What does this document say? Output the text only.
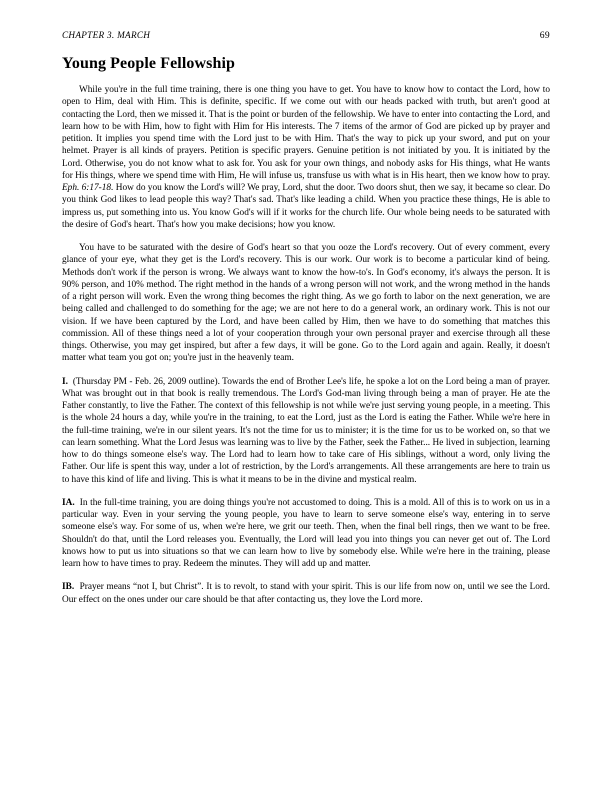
CHAPTER 3. MARCH	69
Young People Fellowship

While you're in the full time training, there is one thing you have to get. You have to know how to contact the Lord, how to open to Him, deal with Him. This is definite, specific. If we come out with our heads packed with truth, but aren't good at contacting the Lord, then we missed it. That is the point or burden of the fellowship. We have to enter into contacting the Lord, and learn how to be with Him, how to fight with Him for His interests. The 7 items of the armor of God are picked up by prayer and petition. It implies you spend time with the Lord just to be with Him. That's the way to pick up your sword, and put on your helmet. Prayer is all kinds of prayers. Petition is specific prayers. Genuine petition is not initiated by you. It is initiated by the Lord. Otherwise, you do not know what to ask for. You ask for your own things, and nobody asks for His things, what He wants for His things, where we spend time with Him, He will infuse us, transfuse us with what is in His heart, then we know how to pray. Eph. 6:17-18. How do you know the Lord's will? We pray, Lord, shut the door. Two doors shut, then we say, it became so clear. Do you think God likes to lead people this way? That's sad. That's like leading a child. When you practice these things, He is able to impress us, put something into us. You know God's will if it works for the church life. Our whole being needs to be saturated with the desire of God's heart. That's how you make decisions; how you know.

You have to be saturated with the desire of God's heart so that you ooze the Lord's recovery. Out of every comment, every glance of your eye, what they get is the Lord's recovery. This is our work. Our work is to become a particular kind of being. Methods don't work if the person is wrong. We always want to know the how-to's. In God's economy, it's always the person. It is 90% person, and 10% method. The right method in the hands of a wrong person will not work, and the wrong method in the hands of a right person will work. Even the wrong thing becomes the right thing. As we go forth to labor on the next generation, we are being called and challenged to do something for the age; we are not here to do a general work, an ordinary work. This is not our vision. If we have been captured by the Lord, and have been called by Him, then we have to do something that matches this commission. All of these things need a lot of your cooperation through your own personal prayer and exercise through all these things. Otherwise, you may get inspired, but after a few days, it will be gone. Go to the Lord again and again. Really, it doesn't matter what team you got on; you're just in the heavenly team.

I. (Thursday PM - Feb. 26, 2009 outline). Towards the end of Brother Lee's life, he spoke a lot on the Lord being a man of prayer. What was brought out in that book is really tremendous. The Lord's God-man living through being a man of prayer. He ate the Father constantly, to live the Father. The context of this fellowship is not while we're just serving young people, in a meeting. This is the whole 24 hours a day, while you're in the training, to eat the Lord, just as the Lord is eating the Father. While we're here in the full-time training, we're in our silent years. It's not the time for us to minister; it is the time for us to be worked on, so that we can learn something. What the Lord Jesus was learning was to live by the Father, seek the Father... He lived in subjection, learning how to do things someone else's way. The Lord had to learn how to take care of His siblings, without a word, only living the Father. Our life is spent this way, under a lot of restriction, by the Lord's arrangements. All these arrangements are here to train us to have this kind of life and living. This is what it means to be in the divine and mystical realm.

IA. In the full-time training, you are doing things you're not accustomed to doing. This is a mold. All of this is to work on us in a particular way. Even in your serving the young people, you have to learn to serve someone else's way, entering in to serve someone else's way. For some of us, when we're here, we grit our teeth. Then, when the final bell rings, then we want to be free. Shouldn't do that, until the Lord releases you. Eventually, the Lord will lead you into things you can never get out of. The Lord knows how to put us into situations so that we can learn how to live by somebody else. While we're here in the training, please learn how to have times to pray. Redeem the minutes. They will add up and matter.

IB. Prayer means “not I, but Christ”. It is to revolt, to stand with your spirit. This is our life from now on, until we see the Lord. Our effect on the ones under our care should be that after contacting us, they love the Lord more.
